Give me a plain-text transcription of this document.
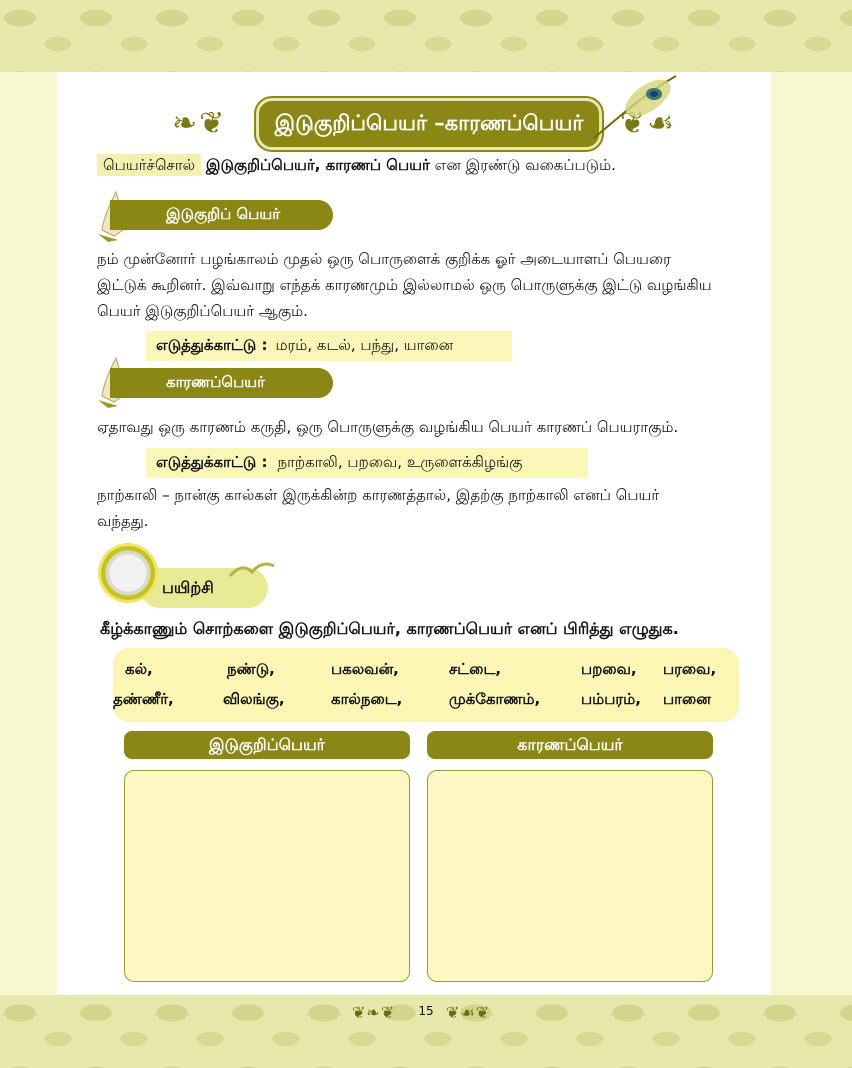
❧❦	❦☙
இடுகுறிப்பெயர் –காரணப்பெயர்
பெயர்ச்சொல் இடுகுறிப்பெயர், காரணப் பெயர் என இரண்டு வகைப்படும்.
இடுகுறிப் பெயர்
நம் முன்னோர் பழங்காலம் முதல் ஒரு பொருளைக் குறிக்க ஓர் அடையாளப் பெயரை
இட்டுக் கூறினர். இவ்வாறு எந்தக் காரணமும் இல்லாமல் ஒரு பொருளுக்கு இட்டு வழங்கிய
பெயர் இடுகுறிப்பெயர் ஆகும்.
எடுத்துக்காட்டு : மரம், கடல், பந்து, யானை
காரணப்பெயர்
ஏதாவது ஒரு காரணம் கருதி, ஒரு பொருளுக்கு வழங்கிய பெயர் காரணப் பெயராகும்.
எடுத்துக்காட்டு : நாற்காலி, பறவை, உருளைக்கிழங்கு
நாற்காலி – நான்கு கால்கள் இருக்கின்ற காரணத்தால், இதற்கு நாற்காலி எனப் பெயர்
வந்தது.
பயிற்சி
கீழ்க்காணும் சொற்களை இடுகுறிப்பெயர், காரணப்பெயர் எனப் பிரித்து எழுதுக.
கல்,	நண்டு,	பகலவன்,	சட்டை,	பறவை, பரவை,
தண்ணீர்,	விலங்கு,	கால்நடை,	முக்கோணம்,	பம்பரம், பானை
இடுகுறிப்பெயர்	காரணப்பெயர்
❦❧❦	❦☙❦
15
